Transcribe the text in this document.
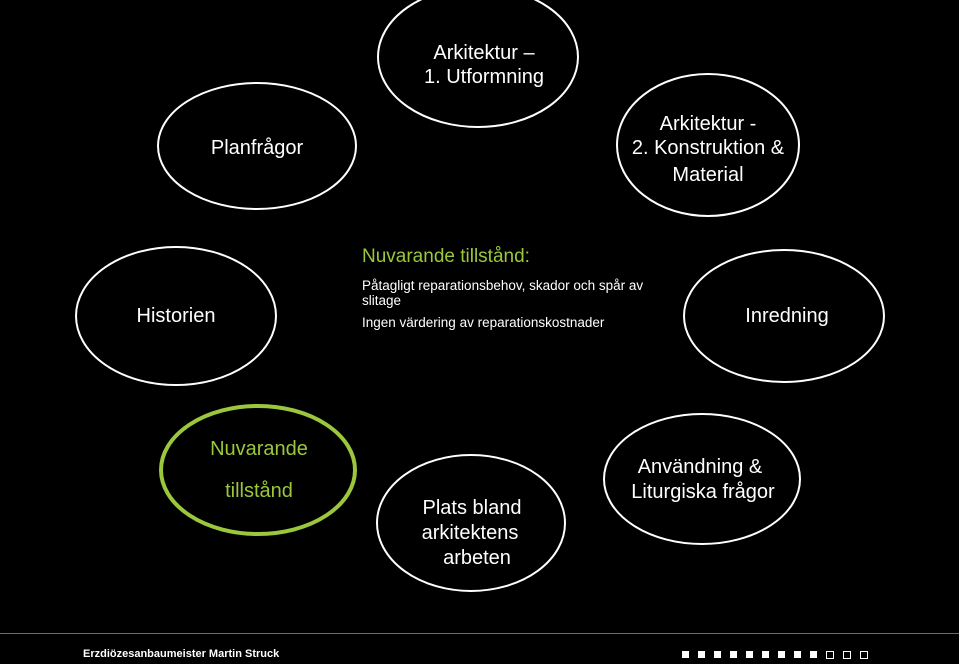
Arkitektur –
1. Utformning
Planfrågor
Arkitektur -
2. Konstruktion &
Material
Historien	Inredning
Nuvarande
tillstånd
Plats bland
arkitektens
arbeten
Användning &
Liturgiska frågor
Nuvarande tillstånd:
Påtagligt reparationsbehov, skador och spår av slitage
Ingen värdering av reparationskostnader
Erzdiözesanbaumeister Martin Struck
